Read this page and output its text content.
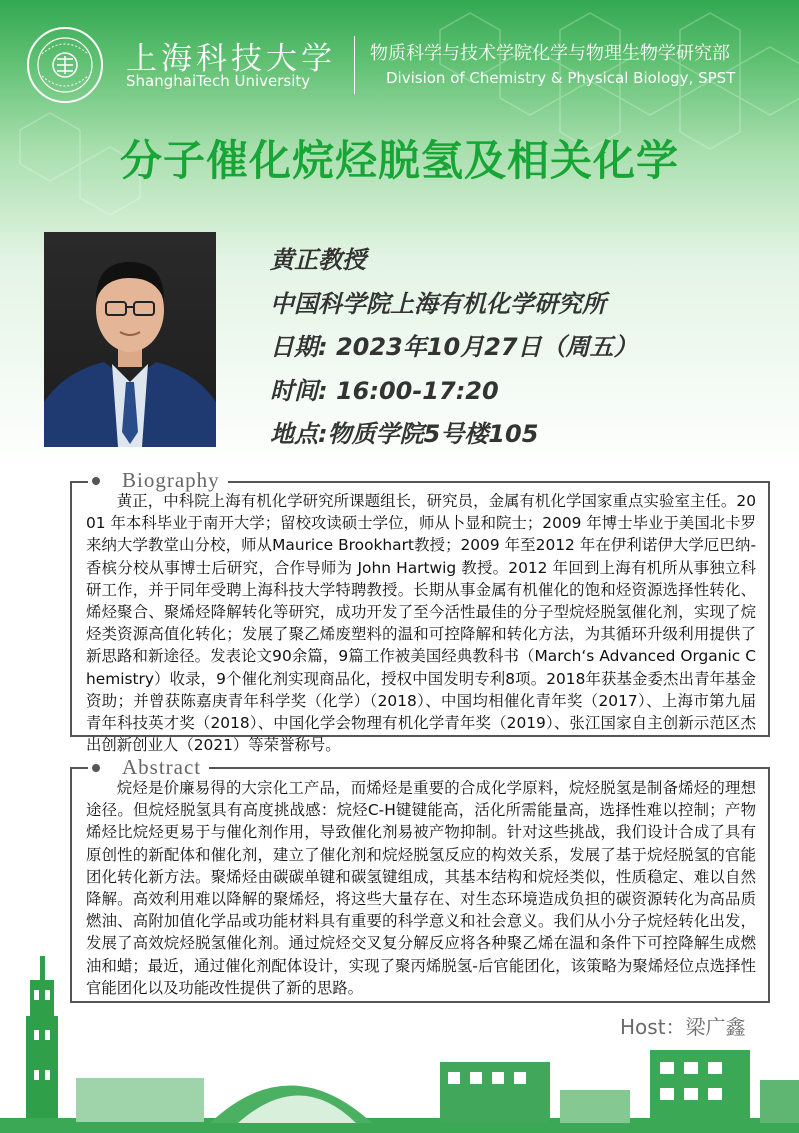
上海科技大学
ShanghaiTech University
物质科学与技术学院化学与物理生物学研究部
Division of Chemistry & Physical Biology, SPST
分子催化烷烃脱氢及相关化学
黄正教授
中国科学院上海有机化学研究所
日期: 2023年10月27日（周五）
时间: 16:00-17:20
地点:物质学院5号楼105
Biography
黄正，中科院上海有机化学研究所课题组长，研究员，金属有机化学国家重点实验室主任。2001 年本科毕业于南开大学；留校攻读硕士学位，师从卜显和院士；2009 年博士毕业于美国北卡罗来纳大学教堂山分校，师从Maurice Brookhart教授；2009 年至2012 年在伊利诺伊大学厄巴纳-香槟分校从事博士后研究，合作导师为 John Hartwig 教授。2012 年回到上海有机所从事独立科研工作，并于同年受聘上海科技大学特聘教授。长期从事金属有机催化的饱和烃资源选择性转化、烯烃聚合、聚烯烃降解转化等研究，成功开发了至今活性最佳的分子型烷烃脱氢催化剂，实现了烷烃类资源高值化转化；发展了聚乙烯废塑料的温和可控降解和转化方法，为其循环升级利用提供了新思路和新途径。发表论文90余篇，9篇工作被美国经典教科书（March‘s Advanced Organic Chemistry）收录，9个催化剂实现商品化，授权中国发明专利8项。2018年获基金委杰出青年基金资助；并曾获陈嘉庚青年科学奖（化学）（2018）、中国均相催化青年奖（2017）、上海市第九届青年科技英才奖（2018）、中国化学会物理有机化学青年奖（2019）、张江国家自主创新示范区杰出创新创业人（2021）等荣誉称号。
Abstract
烷烃是价廉易得的大宗化工产品，而烯烃是重要的合成化学原料，烷烃脱氢是制备烯烃的理想途径。但烷烃脱氢具有高度挑战感：烷烃C-H键键能高，活化所需能量高，选择性难以控制；产物烯烃比烷烃更易于与催化剂作用，导致催化剂易被产物抑制。针对这些挑战，我们设计合成了具有原创性的新配体和催化剂，建立了催化剂和烷烃脱氢反应的构效关系，发展了基于烷烃脱氢的官能团化转化新方法。聚烯烃由碳碳单键和碳氢键组成，其基本结构和烷烃类似，性质稳定、难以自然降解。高效利用难以降解的聚烯烃，将这些大量存在、对生态环境造成负担的碳资源转化为高品质燃油、高附加值化学品或功能材料具有重要的科学意义和社会意义。我们从小分子烷烃转化出发，发展了高效烷烃脱氢催化剂。通过烷烃交叉复分解反应将各种聚乙烯在温和条件下可控降解生成燃油和蜡；最近，通过催化剂配体设计，实现了聚丙烯脱氢-后官能团化，该策略为聚烯烃位点选择性官能团化以及功能改性提供了新的思路。
Host：梁广鑫
